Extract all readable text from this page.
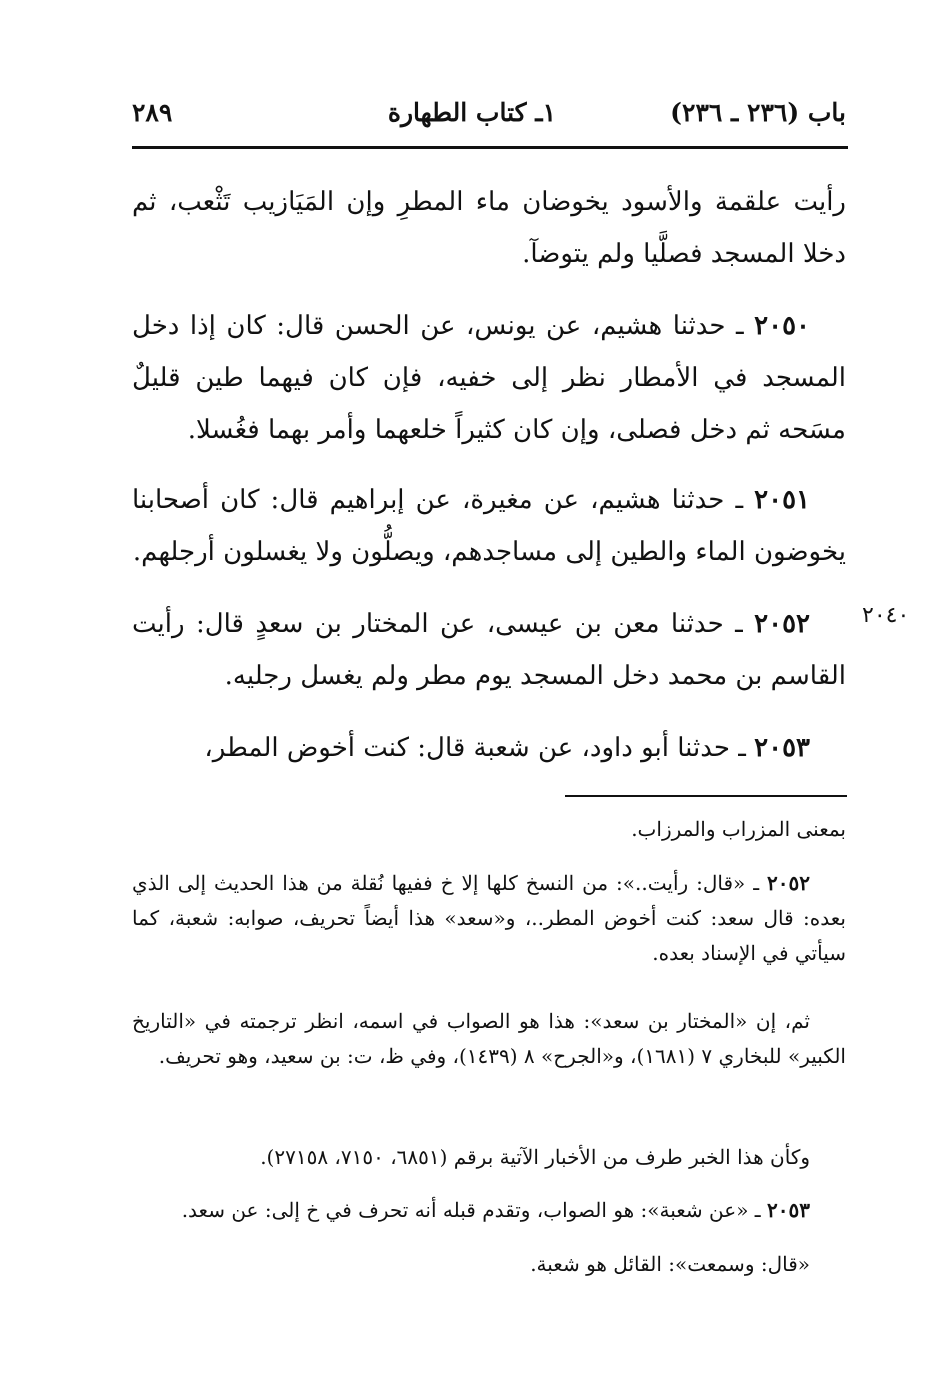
باب (٢٣٦ ـ ٢٣٦)
١ـ كتاب الطهارة
٢٨٩
رأيت علقمة والأسود يخوضان ماء المطرِ وإن المَيَازيب تَثْعب، ثم دخلا المسجد فصلَّيا ولم يتوضآ.
٢٠٥٠ ـ حدثنا هشيم، عن يونس، عن الحسن قال: كان إذا دخل المسجد في الأمطار نظر إلى خفيه، فإن كان فيهما طين قليلٌ مسَحه ثم دخل فصلى، وإن كان كثيراً خلعهما وأمر بهما فغُسلا.
٢٠٥١ ـ حدثنا هشيم، عن مغيرة، عن إبراهيم قال: كان أصحابنا يخوضون الماء والطين إلى مساجدهم، ويصلُّون ولا يغسلون أرجلهم.
٢٠٥٢ ـ حدثنا معن بن عيسى، عن المختار بن سعدٍ قال: رأيت القاسم بن محمد دخل المسجد يوم مطر ولم يغسل رجليه.
٢٠٥٣ ـ حدثنا أبو داود، عن شعبة قال: كنت أخوض المطر،
٢٠٤٠
بمعنى المزراب والمرزاب.
٢٠٥٢ ـ «قال: رأيت..»: من النسخ كلها إلا خ ففيها نُقلة من هذا الحديث إلى الذي بعده: قال سعد: كنت أخوض المطر..، و«سعد» هذا أيضاً تحريف، صوابه: شعبة، كما سيأتي في الإسناد بعده.
ثم، إن «المختار بن سعد»: هذا هو الصواب في اسمه، انظر ترجمته في «التاريخ الكبير» للبخاري ٧ (١٦٨١)، و«الجرح» ٨ (١٤٣٩)، وفي ظ، ت: بن سعيد، وهو تحريف.
وكأن هذا الخبر طرف من الأخبار الآتية برقم (٦٨٥١، ٧١٥٠، ٢٧١٥٨).
٢٠٥٣ ـ «عن شعبة»: هو الصواب، وتقدم قبله أنه تحرف في خ إلى: عن سعد.
«قال: وسمعت»: القائل هو شعبة.
